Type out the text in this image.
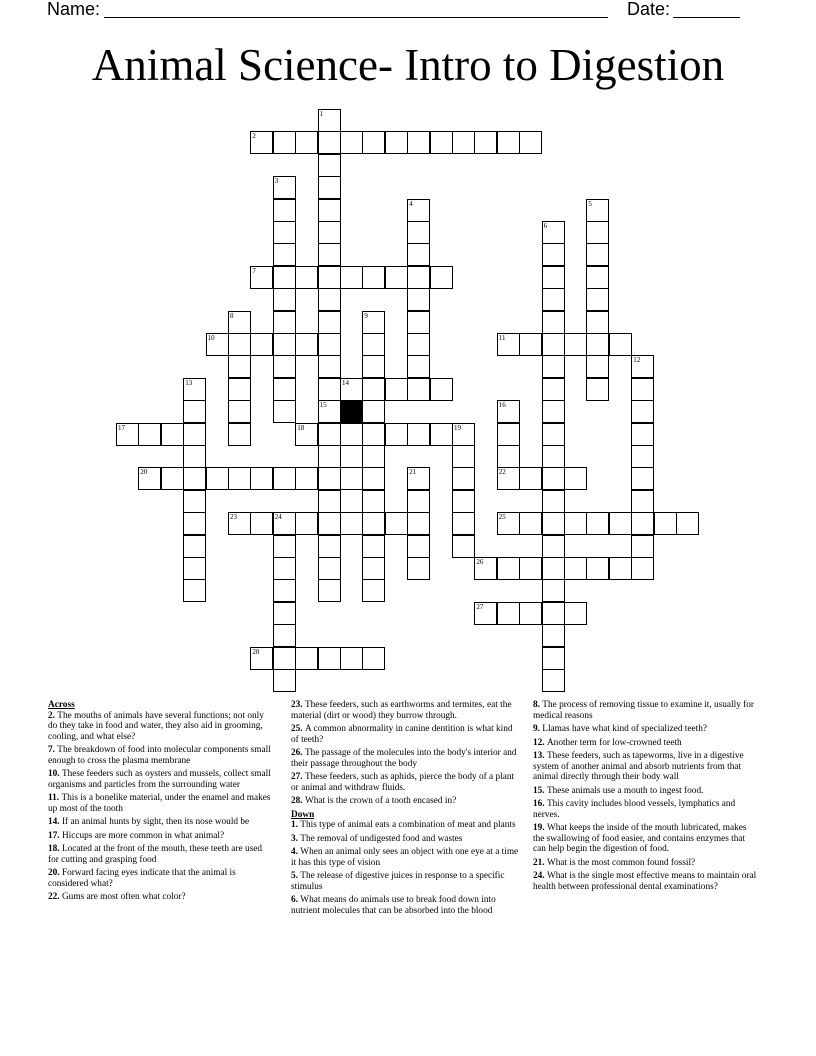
Name:	Date:
Animal Science- Intro to Digestion
1
2
3
4	5
6
7
8	9
10	11
12
13	14
15	16
17	18	19
20	21	22
23	24	25
26
27
28
Across
2. The mouths of animals have several functions; not only do they take in food and water, they also aid in grooming, cooling, and what else?
7. The breakdown of food into molecular components small enough to cross the plasma membrane
10. These feeders such as oysters and mussels, collect small organisms and particles from the surrounding water
11. This is a bonelike material, under the enamel and makes up most of the tooth
14. If an animal hunts by sight, then its nose would be
17. Hiccups are more common in what animal?
18. Located at the front of the mouth, these teeth are used for cutting and grasping food
20. Forward facing eyes indicate that the animal is considered what?
22. Gums are most often what color?
23. These feeders, such as earthworms and termites, eat the material (dirt or wood) they burrow through.
25. A common abnormality in canine dentition is what kind of teeth?
26. The passage of the molecules into the body's interior and their passage throughout the body
27. These feeders, such as aphids, pierce the body of a plant or animal and withdraw fluids.
28. What is the crown of a tooth encased in?
Down
1. This type of animal eats a combination of meat and plants
3. The removal of undigested food and wastes
4. When an animal only sees an object with one eye at a time it has this type of vision
5. The release of digestive juices in response to a specific stimulus
6. What means do animals use to break food down into nutrient molecules that can be absorbed into the blood
8. The process of removing tissue to examine it, usually for medical reasons
9. Llamas have what kind of specialized teeth?
12. Another term for low-crowned teeth
13. These feeders, such as tapeworms, live in a digestive system of another animal and absorb nutrients from that animal directly through their body wall
15. These animals use a mouth to ingest food.
16. This cavity includes blood vessels, lymphatics and nerves.
19. What keeps the inside of the mouth lubricated, makes the swallowing of food easier, and contains enzymes that can help begin the digestion of food.
21. What is the most common found fossil?
24. What is the single most effective means to maintain oral health between professional dental examinations?
